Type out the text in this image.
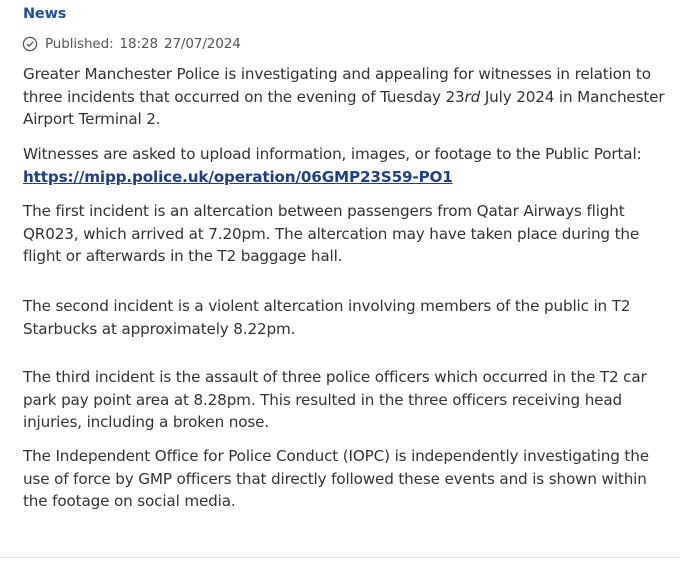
News
Published: 18:28 27/07/2024

Greater Manchester Police is investigating and appealing for witnesses in relation to three incidents that occurred on the evening of Tuesday 23rd July 2024 in Manchester Airport Terminal 2.

Witnesses are asked to upload information, images, or footage to the Public Portal:
https://mipp.police.uk/operation/06GMP23S59-PO1

The first incident is an altercation between passengers from Qatar Airways flight QR023, which arrived at 7.20pm. The altercation may have taken place during the flight or afterwards in the T2 baggage hall.

The second incident is a violent altercation involving members of the public in T2 Starbucks at approximately 8.22pm.

The third incident is the assault of three police officers which occurred in the T2 car park pay point area at 8.28pm. This resulted in the three officers receiving head injuries, including a broken nose.

The Independent Office for Police Conduct (IOPC) is independently investigating the use of force by GMP officers that directly followed these events and is shown within the footage on social media.
